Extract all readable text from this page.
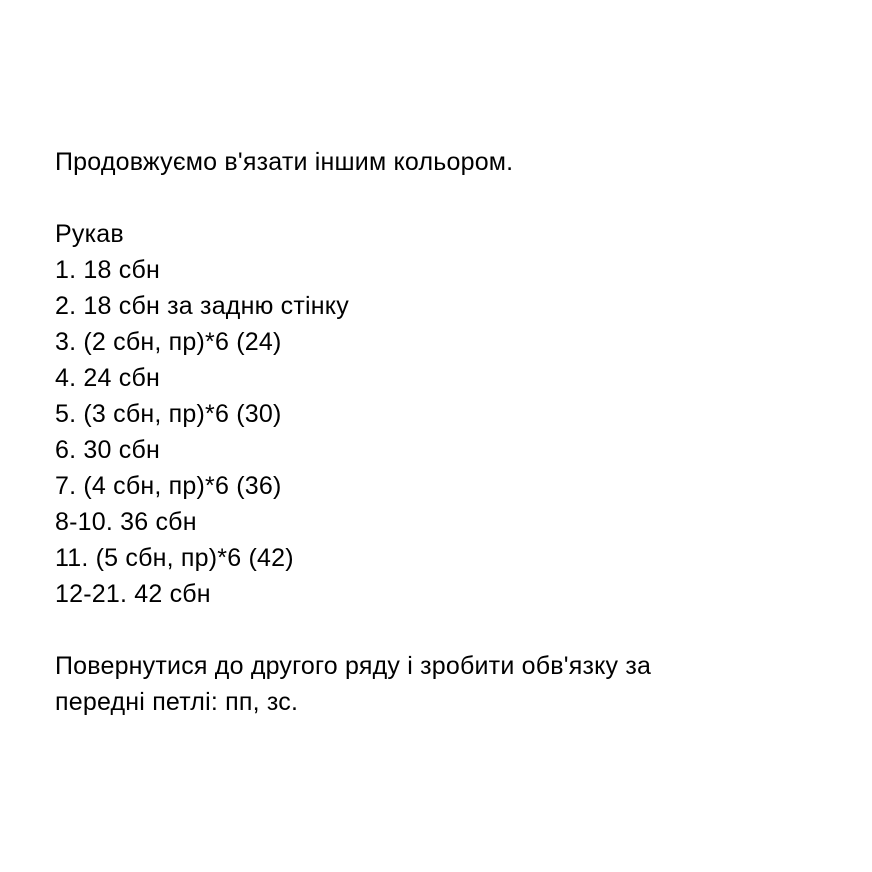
Продовжуємо в'язати іншим кольором.

Рукав

1. 18 сбн
2. 18 сбн за задню стінку
3. (2 сбн, пр)*6 (24)
4. 24 сбн
5. (3 сбн, пр)*6 (30)
6. 30 сбн
7. (4 сбн, пр)*6 (36)
8-10. 36 сбн
11. (5 сбн, пр)*6 (42)
12-21. 42 сбн

Повернутися до другого ряду і зробити обв'язку за

передні петлі: пп, зс.
